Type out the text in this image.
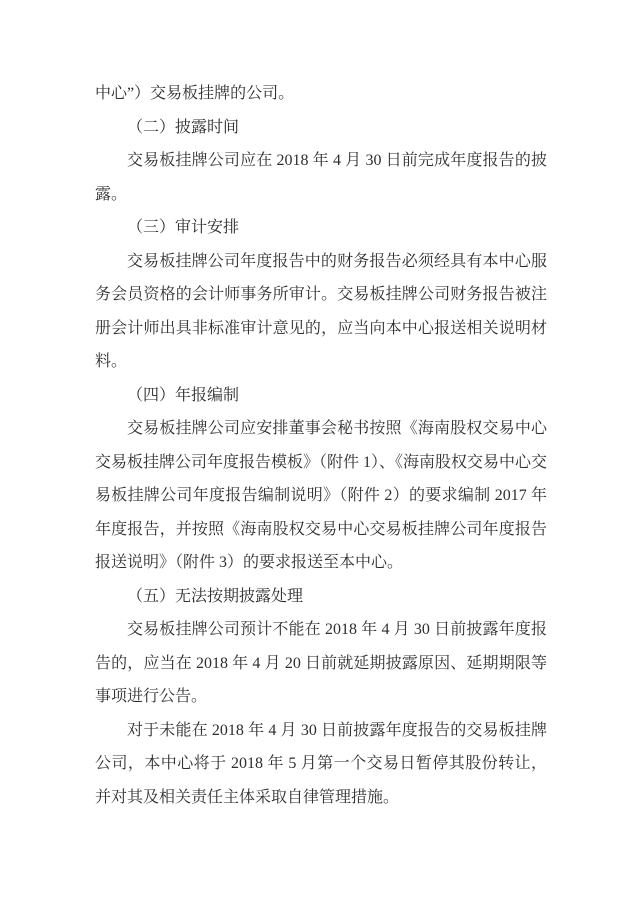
中心”）交易板挂牌的公司。

（二）披露时间

交易板挂牌公司应在 2018 年 4 月 30 日前完成年度报告的披露。

（三）审计安排

交易板挂牌公司年度报告中的财务报告必须经具有本中心服务会员资格的会计师事务所审计。交易板挂牌公司财务报告被注册会计师出具非标准审计意见的，应当向本中心报送相关说明材料。

（四）年报编制

交易板挂牌公司应安排董事会秘书按照《海南股权交易中心交易板挂牌公司年度报告模板》（附件 1）、《海南股权交易中心交易板挂牌公司年度报告编制说明》（附件 2）的要求编制 2017 年年度报告，并按照《海南股权交易中心交易板挂牌公司年度报告报送说明》（附件 3）的要求报送至本中心。

（五）无法按期披露处理

交易板挂牌公司预计不能在 2018 年 4 月 30 日前披露年度报告的，应当在 2018 年 4 月 20 日前就延期披露原因、延期期限等事项进行公告。

对于未能在 2018 年 4 月 30 日前披露年度报告的交易板挂牌公司，本中心将于 2018 年 5 月第一个交易日暂停其股份转让，并对其及相关责任主体采取自律管理措施。
